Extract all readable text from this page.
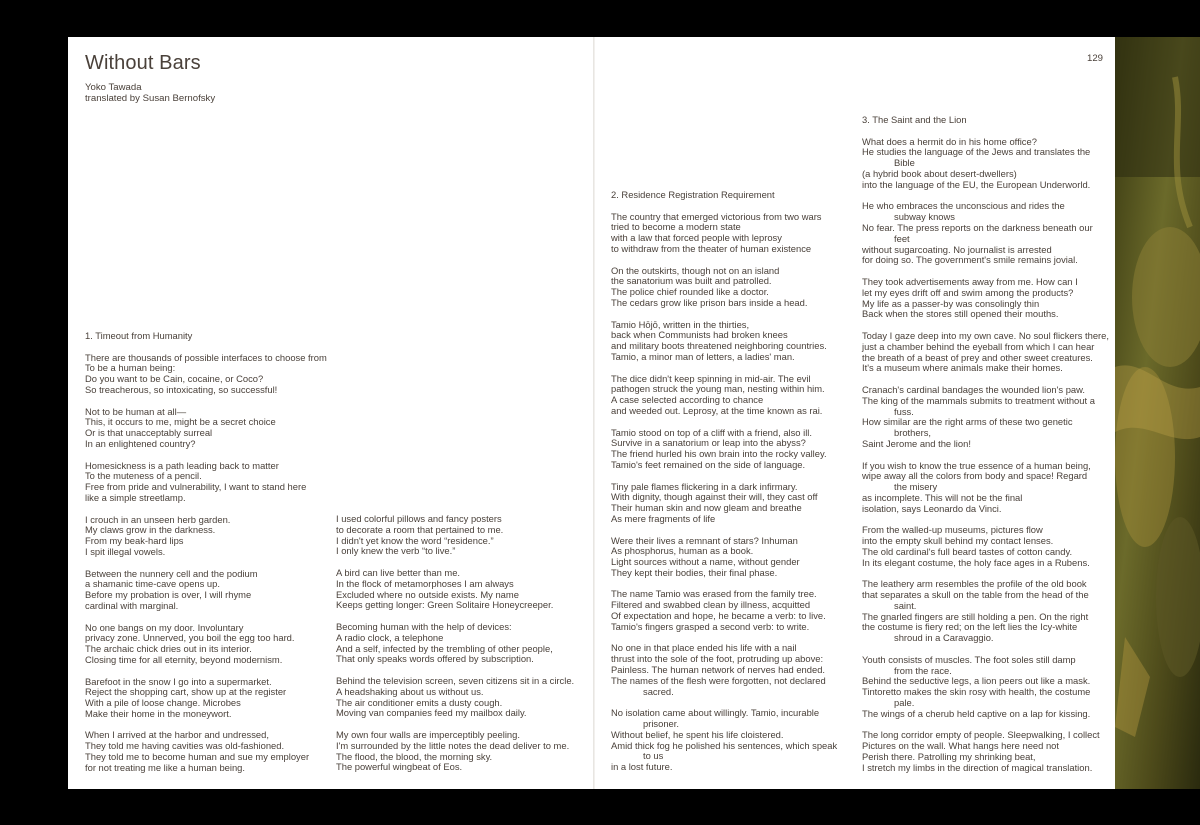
Without Bars
Yoko Tawada
translated by Susan Bernofsky
129
1. Timeout from Humanity
There are thousands of possible interfaces to choose from
To be a human being:
Do you want to be Cain, cocaine, or Coco?
So treacherous, so intoxicating, so successful!
Not to be human at all—
This, it occurs to me, might be a secret choice
Or is that unacceptably surreal
In an enlightened country?
Homesickness is a path leading back to matter
To the muteness of a pencil.
Free from pride and vulnerability, I want to stand here
like a simple streetlamp.
I crouch in an unseen herb garden.
My claws grow in the darkness.
From my beak-hard lips
I spit illegal vowels.
Between the nunnery cell and the podium
a shamanic time-cave opens up.
Before my probation is over, I will rhyme
cardinal with marginal.
No one bangs on my door. Involuntary
privacy zone. Unnerved, you boil the egg too hard.
The archaic chick dries out in its interior.
Closing time for all eternity, beyond modernism.
Barefoot in the snow I go into a supermarket.
Reject the shopping cart, show up at the register
With a pile of loose change. Microbes
Make their home in the moneywort.
When I arrived at the harbor and undressed,
They told me having cavities was old-fashioned.
They told me to become human and sue my employer
for not treating me like a human being.
I used colorful pillows and fancy posters
to decorate a room that pertained to me.
I didn't yet know the word “residence.”
I only knew the verb “to live.”
A bird can live better than me.
In the flock of metamorphoses I am always
Excluded where no outside exists. My name
Keeps getting longer: Green Solitaire Honeycreeper.
Becoming human with the help of devices:
A radio clock, a telephone
And a self, infected by the trembling of other people,
That only speaks words offered by subscription.
Behind the television screen, seven citizens sit in a circle.
A headshaking about us without us.
The air conditioner emits a dusty cough.
Moving van companies feed my mailbox daily.
My own four walls are imperceptibly peeling.
I'm surrounded by the little notes the dead deliver to me.
The flood, the blood, the morning sky.
The powerful wingbeat of Eos.
2. Residence Registration Requirement
The country that emerged victorious from two wars
tried to become a modern state
with a law that forced people with leprosy
to withdraw from the theater of human existence
On the outskirts, though not on an island
the sanatorium was built and patrolled.
The police chief rounded like a doctor.
The cedars grow like prison bars inside a head.
Tamio Hōjō, written in the thirties,
back when Communists had broken knees
and military boots threatened neighboring countries.
Tamio, a minor man of letters, a ladies' man.
The dice didn't keep spinning in mid-air. The evil
pathogen struck the young man, nesting within him.
A case selected according to chance
and weeded out. Leprosy, at the time known as rai.
Tamio stood on top of a cliff with a friend, also ill.
Survive in a sanatorium or leap into the abyss?
The friend hurled his own brain into the rocky valley.
Tamio's feet remained on the side of language.
Tiny pale flames flickering in a dark infirmary.
With dignity, though against their will, they cast off
Their human skin and now gleam and breathe
As mere fragments of life
Were their lives a remnant of stars? Inhuman
As phosphorus, human as a book.
Light sources without a name, without gender
They kept their bodies, their final phase.
The name Tamio was erased from the family tree.
Filtered and swabbed clean by illness, acquitted
Of expectation and hope, he became a verb: to live.
Tamio's fingers grasped a second verb: to write.
No one in that place ended his life with a nail
thrust into the sole of the foot, protruding up above:
Painless. The human network of nerves had ended.
The names of the flesh were forgotten, not declared
sacred.
No isolation came about willingly. Tamio, incurable
prisoner.
Without belief, he spent his life cloistered.
Amid thick fog he polished his sentences, which speak
to us
in a lost future.
3. The Saint and the Lion
What does a hermit do in his home office?
He studies the language of the Jews and translates the
Bible
(a hybrid book about desert-dwellers)
into the language of the EU, the European Underworld.
He who embraces the unconscious and rides the
subway knows
No fear. The press reports on the darkness beneath our
feet
without sugarcoating. No journalist is arrested
for doing so. The government's smile remains jovial.
They took advertisements away from me. How can I
let my eyes drift off and swim among the products?
My life as a passer-by was consolingly thin
Back when the stores still opened their mouths.
Today I gaze deep into my own cave. No soul flickers there,
just a chamber behind the eyeball from which I can hear
the breath of a beast of prey and other sweet creatures.
It's a museum where animals make their homes.
Cranach's cardinal bandages the wounded lion's paw.
The king of the mammals submits to treatment without a
fuss.
How similar are the right arms of these two genetic
brothers,
Saint Jerome and the lion!
If you wish to know the true essence of a human being,
wipe away all the colors from body and space! Regard
the misery
as incomplete. This will not be the final
isolation, says Leonardo da Vinci.
From the walled-up museums, pictures flow
into the empty skull behind my contact lenses.
The old cardinal's full beard tastes of cotton candy.
In its elegant costume, the holy face ages in a Rubens.
The leathery arm resembles the profile of the old book
that separates a skull on the table from the head of the
saint.
The gnarled fingers are still holding a pen. On the right
the costume is fiery red; on the left lies the Icy-white
shroud in a Caravaggio.
Youth consists of muscles. The foot soles still damp
from the race.
Behind the seductive legs, a lion peers out like a mask.
Tintoretto makes the skin rosy with health, the costume
pale.
The wings of a cherub held captive on a lap for kissing.
The long corridor empty of people. Sleepwalking, I collect
Pictures on the wall. What hangs here need not
Perish there. Patrolling my shrinking beat,
I stretch my limbs in the direction of magical translation.
